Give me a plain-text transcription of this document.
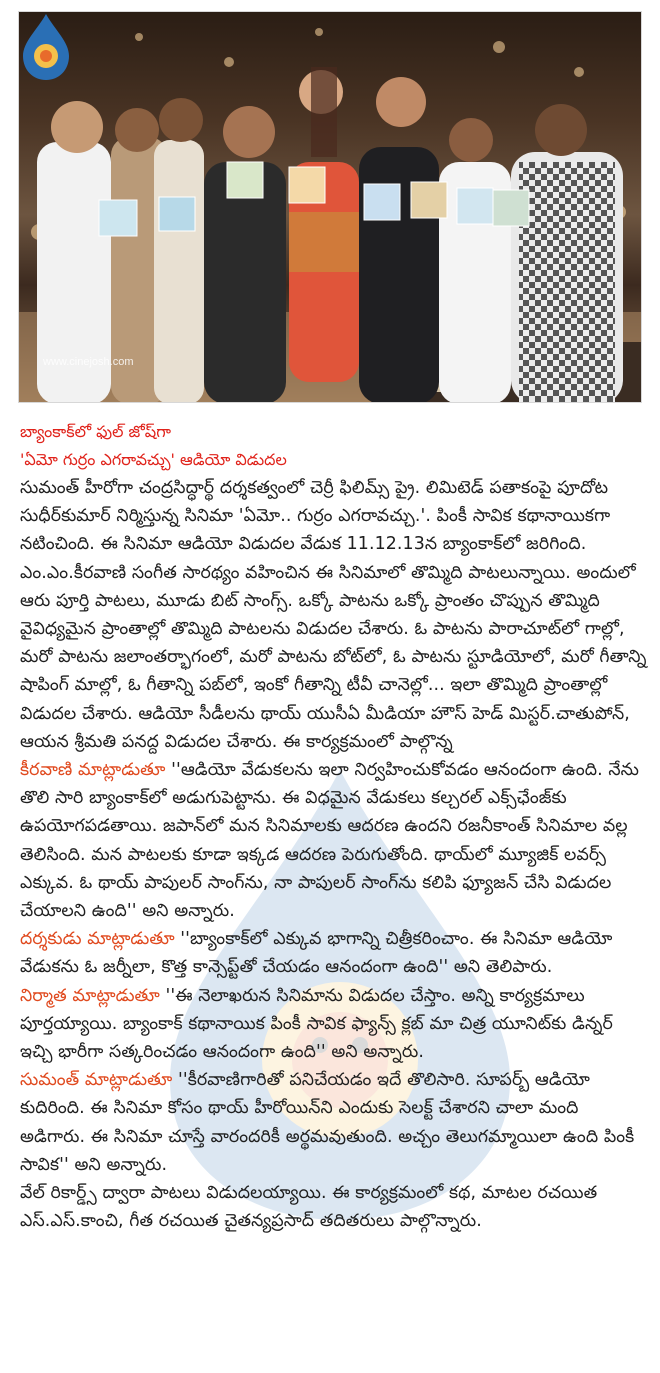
www.cinejosh.com
బ్యాంకాక్‌లో ఫుల్ జోష్‌గా
'ఏమో గుర్రం ఎగరావచ్చు' ఆడియో విడుదల

సుమంత్ హీరోగా చంద్రసిద్ధార్థ్ దర్శకత్వంలో చెర్రీ ఫిలిమ్స్ ప్రై. లిమిటెడ్ పతాకంపై పూదోట సుధీర్‌కుమార్ నిర్మిస్తున్న సినిమా 'ఏమో.. గుర్రం ఎగరావచ్చు.'. పింకీ సావిక కథానాయికగా నటించింది. ఈ సినిమా ఆడియో విడుదల వేడుక 11.12.13న బ్యాంకాక్‌లో జరిగింది. ఎం.ఎం.కీరవాణి సంగీత సారథ్యం వహించిన ఈ సినిమాలో తొమ్మిది పాటలున్నాయి. అందులో ఆరు పూర్తి పాటలు, మూడు బిట్ సాంగ్స్. ఒక్కో పాటను ఒక్కో ప్రాంతం చొప్పున తొమ్మిది వైవిధ్యమైన ప్రాంతాల్లో తొమ్మిది పాటలను విడుదల చేశారు. ఓ పాటను పారాచూట్‌లో గాల్లో, మరో పాటను జలాంతర్భాగంలో, మరో పాటను బోట్‌లో, ఓ పాటను స్టూడియోలో, మరో గీతాన్ని షాపింగ్ మాల్లో, ఓ గీతాన్ని పబ్‌లో, ఇంకో గీతాన్ని టీవీ చానెల్లో... ఇలా తొమ్మిది ప్రాంతాల్లో విడుదల చేశారు. ఆడియో సీడీలను థాయ్ యుసీఏ మీడియా హౌస్ హెడ్ మిస్టర్.చాతుపోన్, ఆయన శ్రీమతి పనద్ద విడుదల చేశారు. ఈ కార్యక్రమంలో పాల్గొన్న

కీరవాణి మాట్లాడుతూ ''ఆడియో వేడుకలను ఇలా నిర్వహించుకోవడం ఆనందంగా ఉంది. నేను తొలి సారి బ్యాంకాక్‌లో అడుగుపెట్టాను. ఈ విధమైన వేడుకలు కల్చరల్ ఎక్స్‌ఛేంజ్‌కు ఉపయోగపడతాయి. జపాన్‌లో మన సినిమాలకు ఆదరణ ఉందని రజనీకాంత్ సినిమాల వల్ల తెలిసింది. మన పాటలకు కూడా ఇక్కడ ఆదరణ పెరుగుతోంది. థాయ్‌లో మ్యూజిక్ లవర్స్ ఎక్కువ. ఓ థాయ్ పాపులర్ సాంగ్‌ను, నా పాపులర్ సాంగ్‌ను కలిపి ఫ్యూజన్ చేసి విడుదల చేయాలని ఉంది'' అని అన్నారు.

దర్శకుడు మాట్లాడుతూ ''బ్యాంకాక్‌లో ఎక్కువ భాగాన్ని చిత్రీకరించాం. ఈ సినిమా ఆడియో వేడుకను ఓ జర్నీలా, కొత్త కాన్సెప్ట్‌తో చేయడం ఆనందంగా ఉంది'' అని తెలిపారు.

నిర్మాత మాట్లాడుతూ ''ఈ నెలాఖరున సినిమాను విడుదల చేస్తాం. అన్ని కార్యక్రమాలు పూర్తయ్యాయి. బ్యాంకాక్ కథానాయిక పింకీ సావిక ఫ్యాన్స్ క్లబ్ మా చిత్ర యూనిట్‌కు డిన్నర్ ఇచ్చి భారీగా సత్కరించడం ఆనందంగా ఉంది'' అని అన్నారు.

సుమంత్ మాట్లాడుతూ ''కీరవాణిగారితో పనిచేయడం ఇదే తొలిసారి. సూపర్బ్ ఆడియో కుదిరింది. ఈ సినిమా కోసం థాయ్ హీరోయిన్‌ని ఎందుకు సెలక్ట్ చేశారని చాలా మంది అడిగారు. ఈ సినిమా చూస్తే వారందరికీ అర్థమవుతుంది. అచ్చం తెలుగమ్మాయిలా ఉంది పింకీ సావిక'' అని అన్నారు.

వేల్ రికార్డ్స్ ద్వారా పాటలు విడుదలయ్యాయి. ఈ కార్యక్రమంలో కథ, మాటల రచయిత ఎస్.ఎస్.కాంచి, గీత రచయిత చైతన్యప్రసాద్ తదితరులు పాల్గొన్నారు.
